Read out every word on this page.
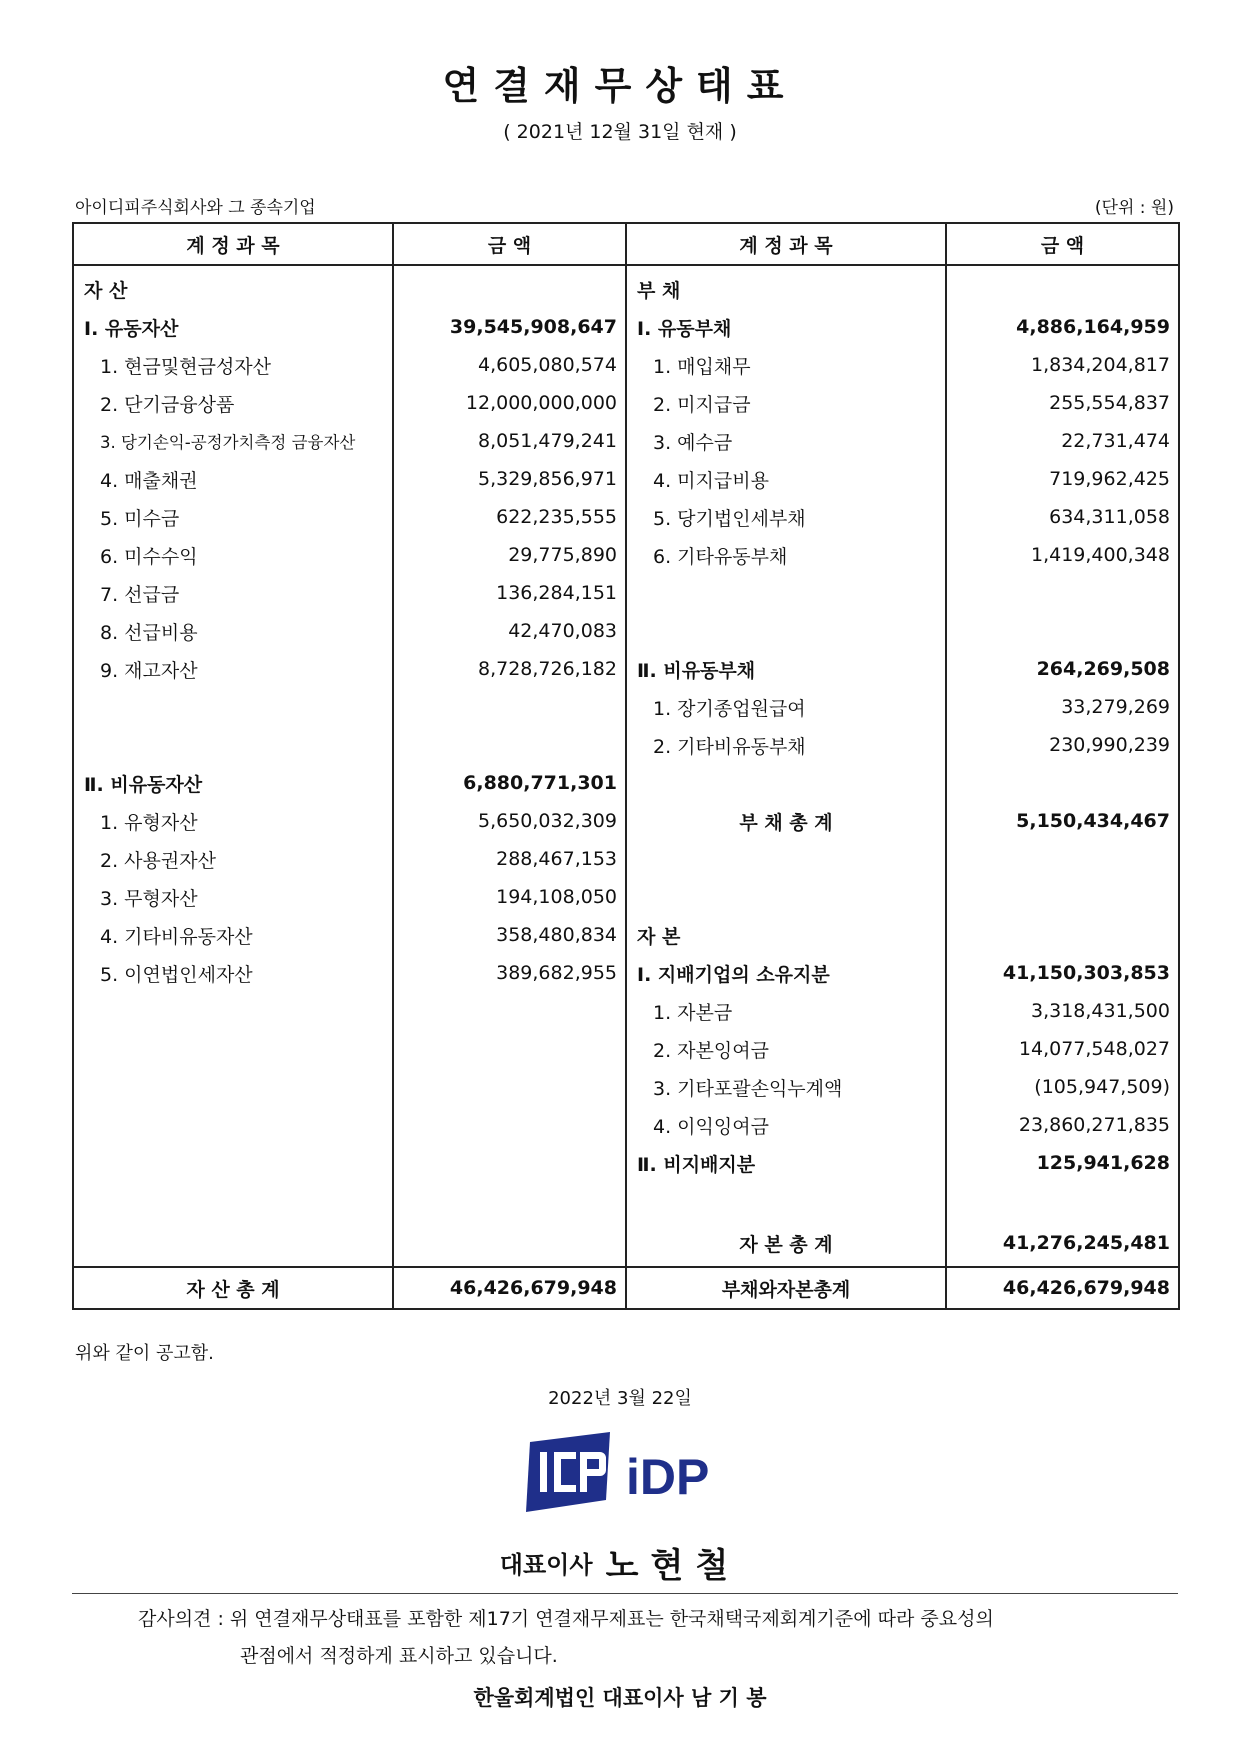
연결재무상태표
( 2021년 12월 31일 현재 )
아이디피주식회사와 그 종속기업	(단위 : 원)
계 정 과 목	금 액	계 정 과 목	금 액
자 산		부 채	
Ⅰ. 유동자산	39,545,908,647	Ⅰ. 유동부채	4,886,164,959
1. 현금및현금성자산	4,605,080,574	1. 매입채무	1,834,204,817
2. 단기금융상품	12,000,000,000	2. 미지급금	255,554,837
3. 당기손익-공정가치측정 금융자산	8,051,479,241	3. 예수금	22,731,474
4. 매출채권	5,329,856,971	4. 미지급비용	719,962,425
5. 미수금	622,235,555	5. 당기법인세부채	634,311,058
6. 미수수익	29,775,890	6. 기타유동부채	1,419,400,348
7. 선급금	136,284,151		
8. 선급비용	42,470,083		
9. 재고자산	8,728,726,182	Ⅱ. 비유동부채	264,269,508
		1. 장기종업원급여	33,279,269
		2. 기타비유동부채	230,990,239
Ⅱ. 비유동자산	6,880,771,301		
1. 유형자산	5,650,032,309	부 채 총 계	5,150,434,467
2. 사용권자산	288,467,153		
3. 무형자산	194,108,050		
4. 기타비유동자산	358,480,834	자 본	
5. 이연법인세자산	389,682,955	Ⅰ. 지배기업의 소유지분	41,150,303,853
		1. 자본금	3,318,431,500
		2. 자본잉여금	14,077,548,027
		3. 기타포괄손익누계액	(105,947,509)
		4. 이익잉여금	23,860,271,835
		Ⅱ. 비지배지분	125,941,628

		자 본 총 계	41,276,245,481
자 산 총 계	46,426,679,948	부채와자본총계	46,426,679,948
위와 같이 공고함.
2022년 3월 22일
iDP
대표이사 노현철
감사의견 : 위 연결재무상태표를 포함한 제17기 연결재무제표는 한국채택국제회계기준에 따라 중요성의
관점에서 적정하게 표시하고 있습니다.
한울회계법인 대표이사 남 기 봉
